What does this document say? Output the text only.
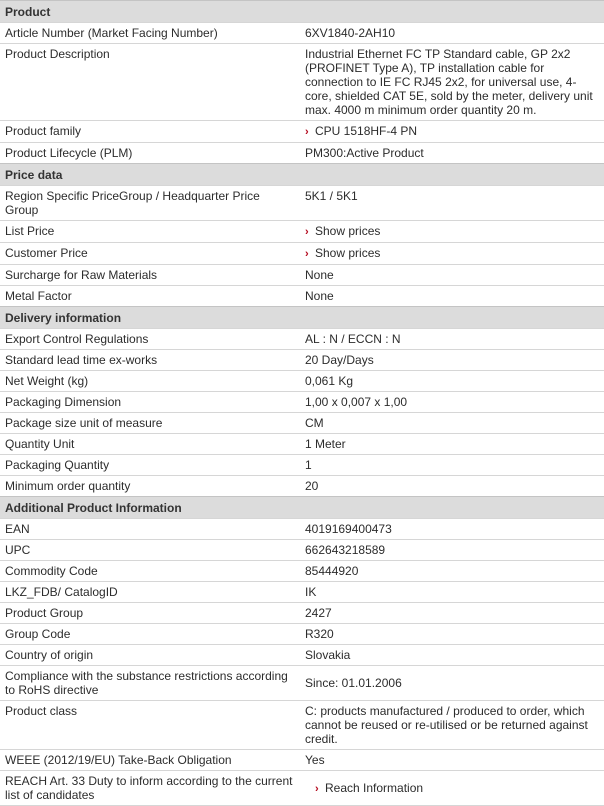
Product	
Article Number (Market Facing Number)	6XV1840-2AH10
Product Description	Industrial Ethernet FC TP Standard cable, GP 2x2 (PROFINET Type A), TP installation cable for connection to IE FC RJ45 2x2, for universal use, 4-core, shielded CAT 5E, sold by the meter, delivery unit max. 4000 m minimum order quantity 20 m.
Product family	› CPU 1518HF-4 PN
Product Lifecycle (PLM)	PM300:Active Product
Price data	
Region Specific PriceGroup / Headquarter Price Group	5K1 / 5K1
List Price	› Show prices
Customer Price	› Show prices
Surcharge for Raw Materials	None
Metal Factor	None
Delivery information	
Export Control Regulations	AL : N / ECCN : N
Standard lead time ex-works	20 Day/Days
Net Weight (kg)	0,061 Kg
Packaging Dimension	1,00 x 0,007 x 1,00
Package size unit of measure	CM
Quantity Unit	1 Meter
Packaging Quantity	1
Minimum order quantity	20
Additional Product Information	
EAN	4019169400473
UPC	662643218589
Commodity Code	85444920
LKZ_FDB/ CatalogID	IK
Product Group	2427
Group Code	R320
Country of origin	Slovakia
Compliance with the substance restrictions according to RoHS directive	Since: 01.01.2006
Product class	C: products manufactured / produced to order, which cannot be reused or re-utilised or be returned against credit.
WEEE (2012/19/EU) Take-Back Obligation	Yes
REACH Art. 33 Duty to inform according to the current list of candidates	› Reach Information
